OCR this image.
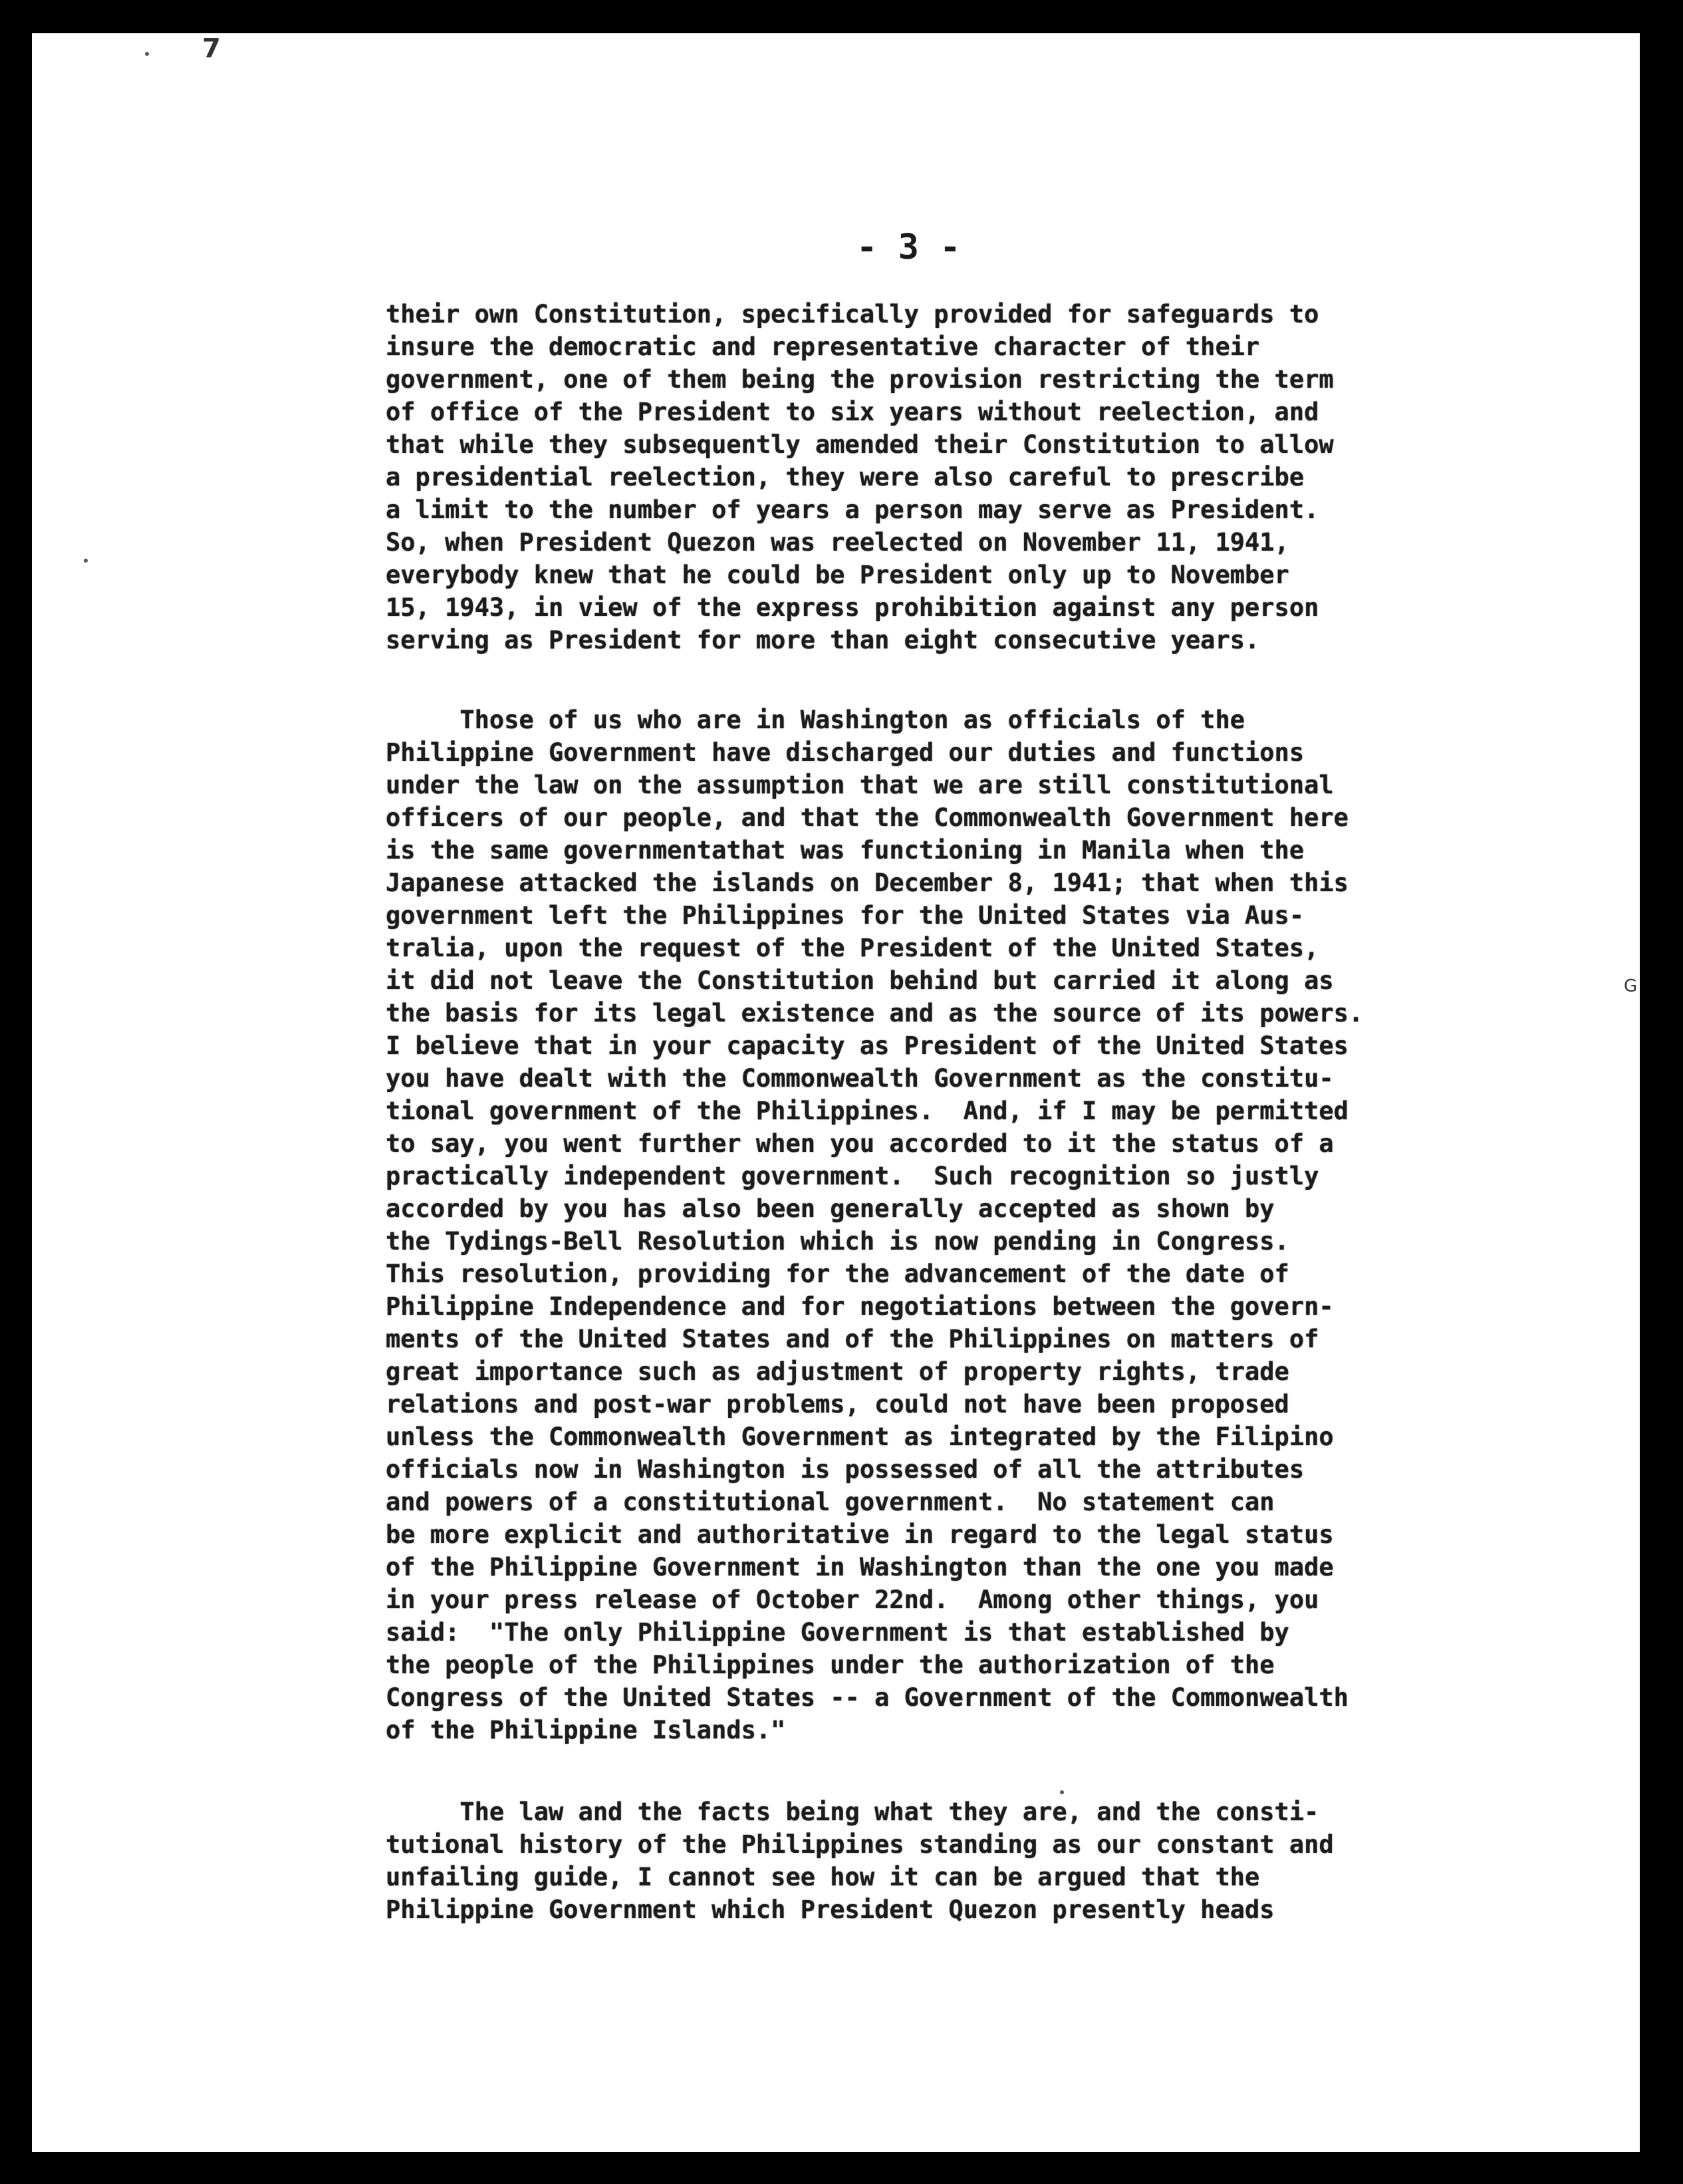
7
G
- 3 -
their own Constitution, specifically provided for safeguards to
insure the democratic and representative character of their
government, one of them being the provision restricting the term
of office of the President to six years without reelection, and
that while they subsequently amended their Constitution to allow
a presidential reelection, they were also careful to prescribe
a limit to the number of years a person may serve as President.
So, when President Quezon was reelected on November 11, 1941,
everybody knew that he could be President only up to November
15, 1943, in view of the express prohibition against any person
serving as President for more than eight consecutive years.
Those of us who are in Washington as officials of the
Philippine Government have discharged our duties and functions
under the law on the assumption that we are still constitutional
officers of our people, and that the Commonwealth Government here
is the same governmentathat was functioning in Manila when the
Japanese attacked the islands on December 8, 1941; that when this
government left the Philippines for the United States via Aus-
tralia, upon the request of the President of the United States,
it did not leave the Constitution behind but carried it along as
the basis for its legal existence and as the source of its powers.
I believe that in your capacity as President of the United States
you have dealt with the Commonwealth Government as the constitu-
tional government of the Philippines.  And, if I may be permitted
to say, you went further when you accorded to it the status of a
practically independent government.  Such recognition so justly
accorded by you has also been generally accepted as shown by
the Tydings-Bell Resolution which is now pending in Congress.
This resolution, providing for the advancement of the date of
Philippine Independence and for negotiations between the govern-
ments of the United States and of the Philippines on matters of
great importance such as adjustment of property rights, trade
relations and post-war problems, could not have been proposed
unless the Commonwealth Government as integrated by the Filipino
officials now in Washington is possessed of all the attributes
and powers of a constitutional government.  No statement can
be more explicit and authoritative in regard to the legal status
of the Philippine Government in Washington than the one you made
in your press release of October 22nd.  Among other things, you
said:  "The only Philippine Government is that established by
the people of the Philippines under the authorization of the
Congress of the United States -- a Government of the Commonwealth
of the Philippine Islands."
The law and the facts being what they are, and the consti-
tutional history of the Philippines standing as our constant and
unfailing guide, I cannot see how it can be argued that the
Philippine Government which President Quezon presently heads
